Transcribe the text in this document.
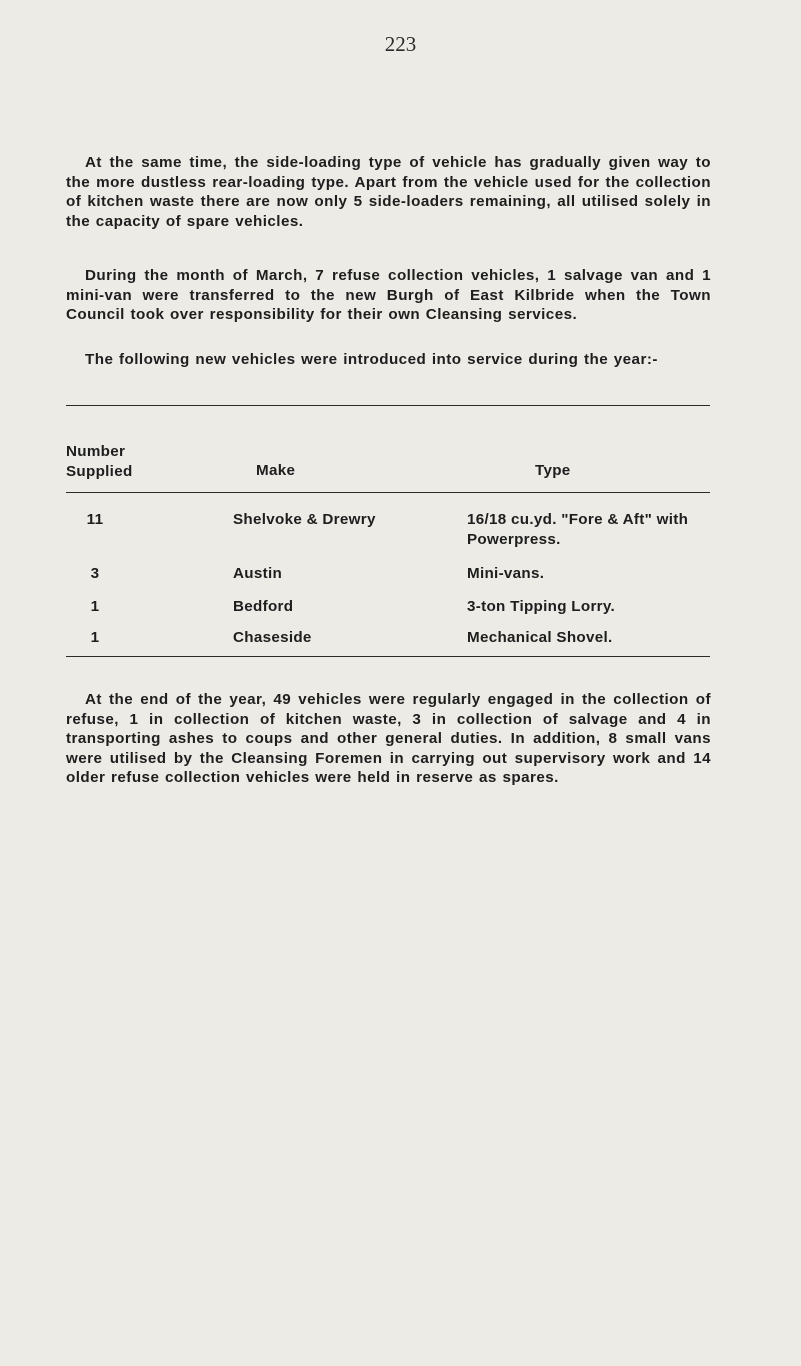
223

At the same time, the side-loading type of vehicle has gradually given way to the more dustless rear-loading type. Apart from the vehicle used for the collection of kitchen waste there are now only 5 side-loaders remaining, all utilised solely in the capacity of spare vehicles.

During the month of March, 7 refuse collection vehicles, 1 salvage van and 1 mini-van were transferred to the new Burgh of East Kilbride when the Town Council took over responsibility for their own Cleansing services.

The following new vehicles were introduced into service during the year:-

Number Supplied	Make	Type
11	Shelvoke & Drewry	16/18 cu.yd. "Fore & Aft" with Powerpress.
3	Austin	Mini-vans.
1	Bedford	3-ton Tipping Lorry.
1	Chaseside	Mechanical Shovel.

At the end of the year, 49 vehicles were regularly engaged in the collection of refuse, 1 in collection of kitchen waste, 3 in collection of salvage and 4 in transporting ashes to coups and other general duties. In addition, 8 small vans were utilised by the Cleansing Foremen in carrying out supervisory work and 14 older refuse collection vehicles were held in reserve as spares.
